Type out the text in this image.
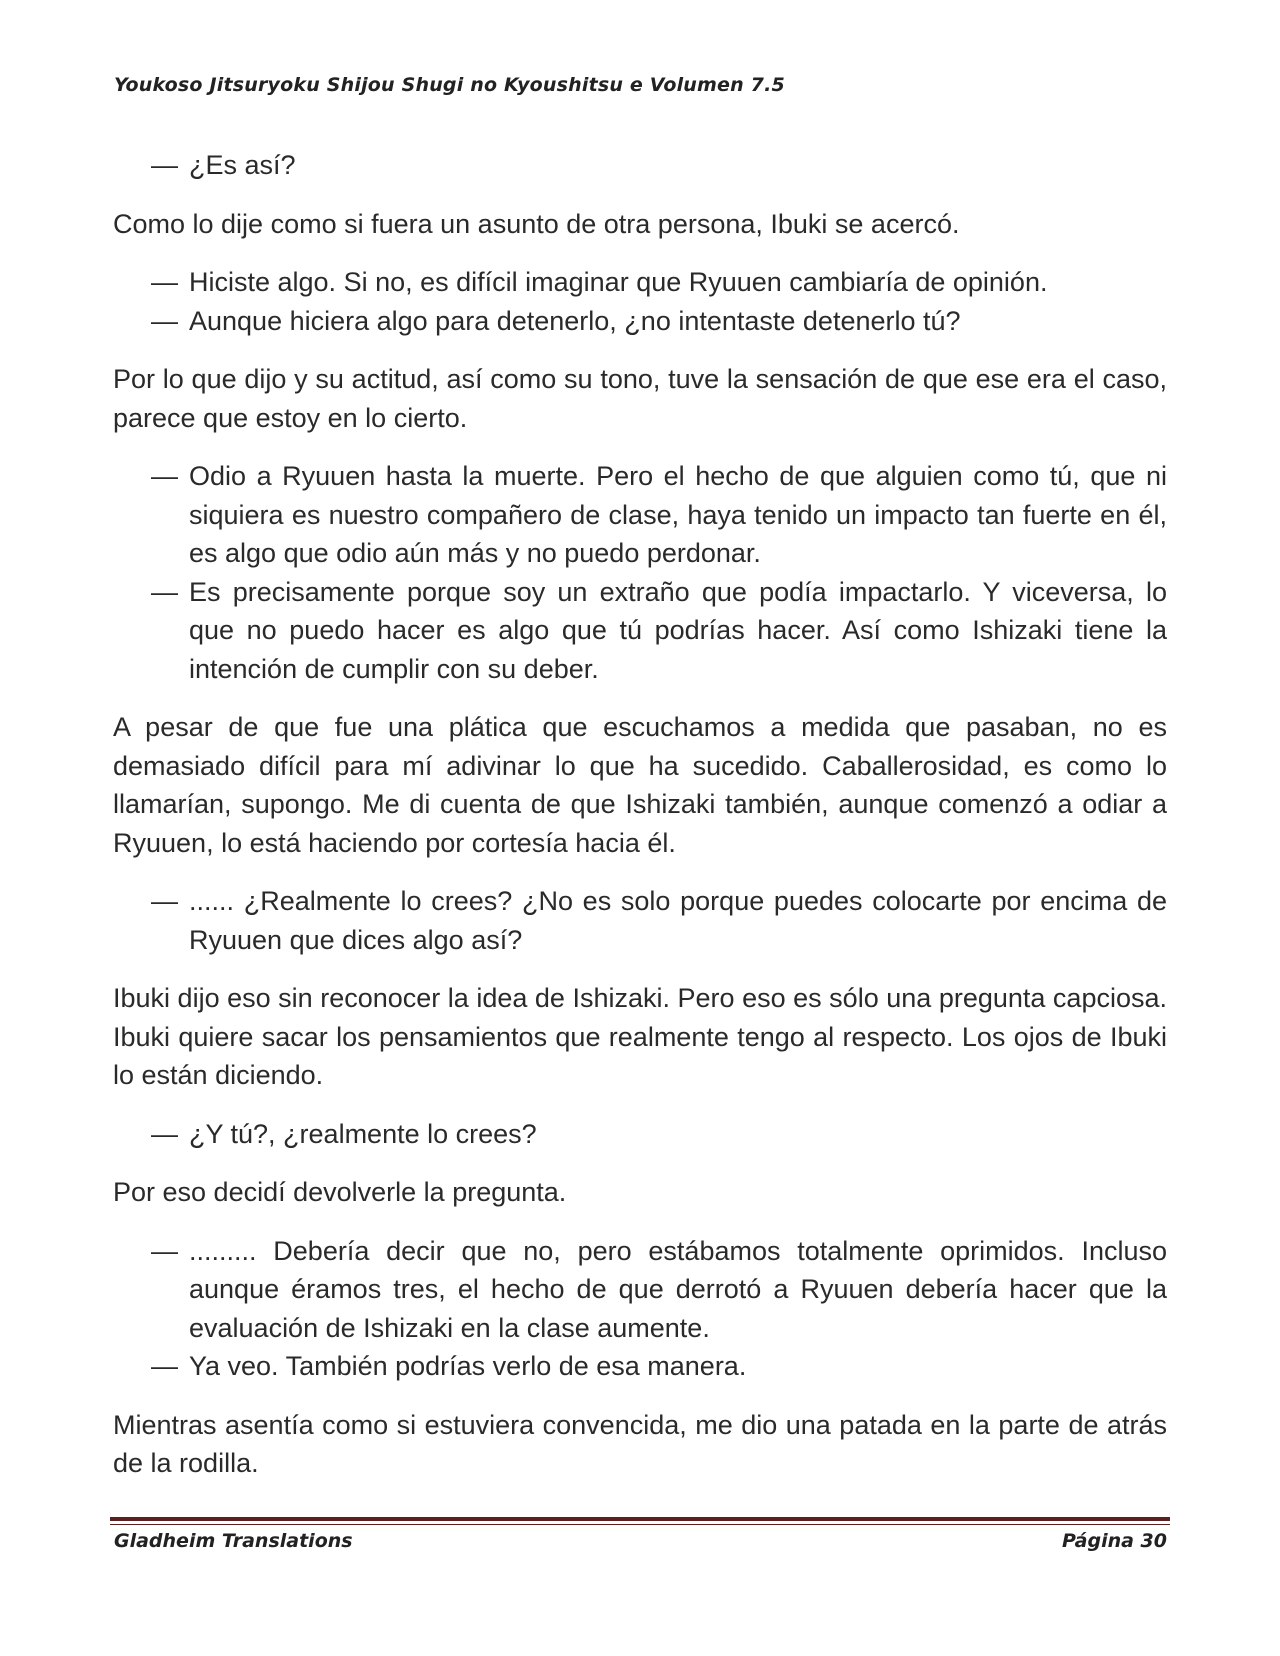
Youkoso Jitsuryoku Shijou Shugi no Kyoushitsu e Volumen 7.5

— ¿Es así?

Como lo dije como si fuera un asunto de otra persona, Ibuki se acercó.

— Hiciste algo. Si no, es difícil imaginar que Ryuuen cambiaría de opinión.

— Aunque hiciera algo para detenerlo, ¿no intentaste detenerlo tú?

Por lo que dijo y su actitud, así como su tono, tuve la sensación de que ese era el caso, parece que estoy en lo cierto.

— Odio a Ryuuen hasta la muerte. Pero el hecho de que alguien como tú, que ni siquiera es nuestro compañero de clase, haya tenido un impacto tan fuerte en él, es algo que odio aún más y no puedo perdonar.

— Es precisamente porque soy un extraño que podía impactarlo. Y viceversa, lo que no puedo hacer es algo que tú podrías hacer. Así como Ishizaki tiene la intención de cumplir con su deber.

A pesar de que fue una plática que escuchamos a medida que pasaban, no es demasiado difícil para mí adivinar lo que ha sucedido. Caballerosidad, es como lo llamarían, supongo. Me di cuenta de que Ishizaki también, aunque comenzó a odiar a Ryuuen, lo está haciendo por cortesía hacia él.

— ...... ¿Realmente lo crees? ¿No es solo porque puedes colocarte por encima de Ryuuen que dices algo así?

Ibuki dijo eso sin reconocer la idea de Ishizaki. Pero eso es sólo una pregunta capciosa. Ibuki quiere sacar los pensamientos que realmente tengo al respecto. Los ojos de Ibuki lo están diciendo.

— ¿Y tú?, ¿realmente lo crees?

Por eso decidí devolverle la pregunta.

— ......... Debería decir que no, pero estábamos totalmente oprimidos. Incluso aunque éramos tres, el hecho de que derrotó a Ryuuen debería hacer que la evaluación de Ishizaki en la clase aumente.

— Ya veo. También podrías verlo de esa manera.

Mientras asentía como si estuviera convencida, me dio una patada en la parte de atrás de la rodilla.

Gladheim Translations	Página 30
